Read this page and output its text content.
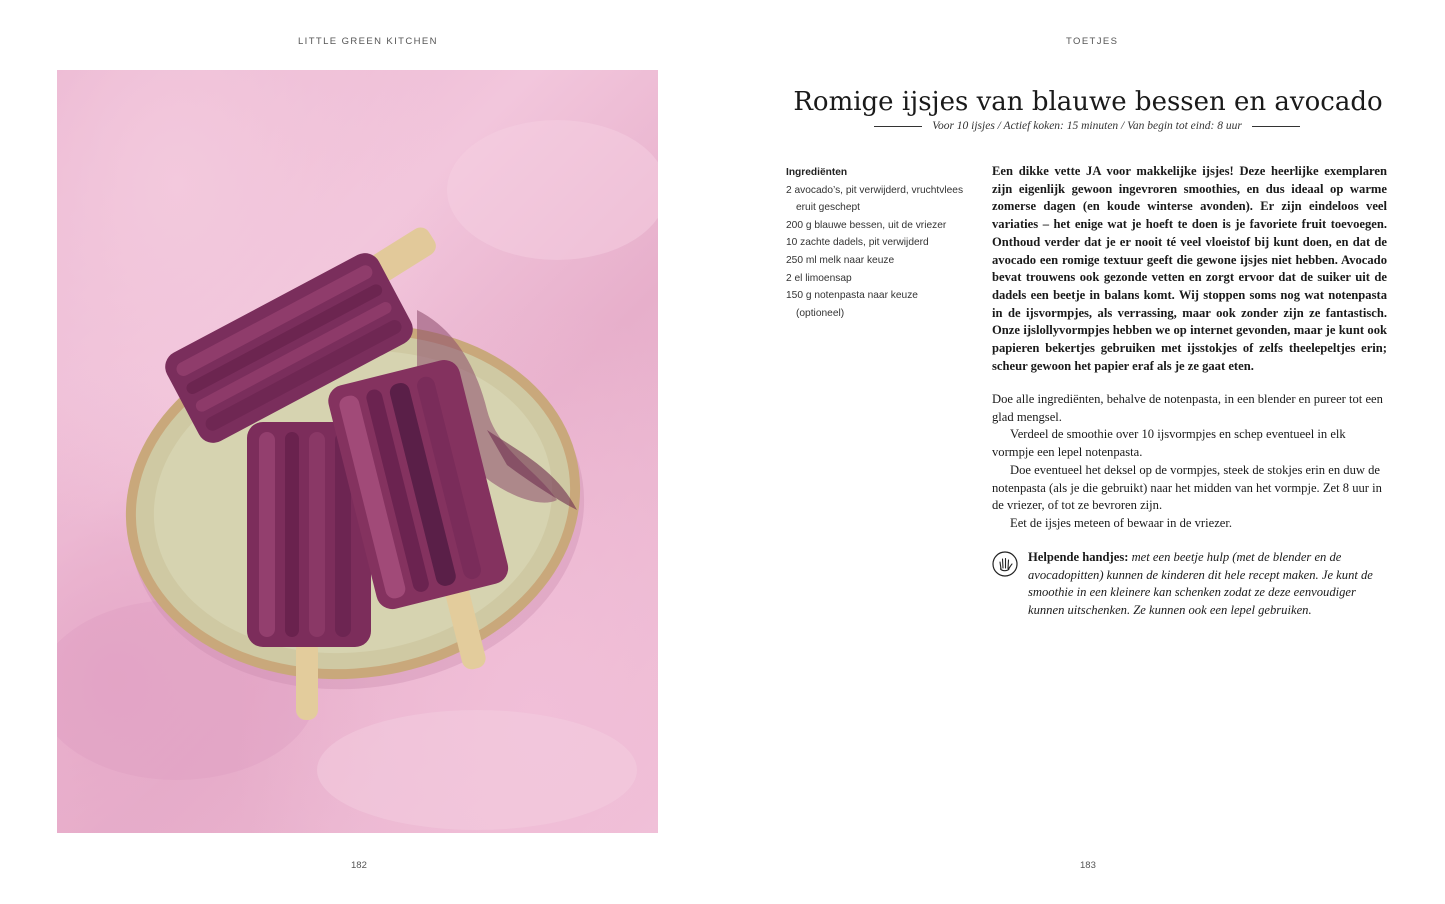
LITTLE GREEN KITCHEN	TOETJES
Romige ijsjes van blauwe bessen en avocado
Voor 10 ijsjes / Actief koken: 15 minuten / Van begin tot eind: 8 uur
Ingrediënten
2 avocado’s, pit verwijderd, vruchtvlees eruit geschept
200 g blauwe bessen, uit de vriezer
10 zachte dadels, pit verwijderd
250 ml melk naar keuze
2 el limoensap
150 g notenpasta naar keuze (optioneel)
Een dikke vette JA voor makkelijke ijsjes! Deze heerlijke exemplaren zijn eigenlijk gewoon ingevroren smoothies, en dus ideaal op warme zomerse dagen (en koude winterse avonden). Er zijn eindeloos veel variaties – het enige wat je hoeft te doen is je favoriete fruit toevoegen. Onthoud verder dat je er nooit té veel vloeistof bij kunt doen, en dat de avocado een romige textuur geeft die gewone ijsjes niet hebben. Avocado bevat trouwens ook gezonde vetten en zorgt ervoor dat de suiker uit de dadels een beetje in balans komt. Wij stoppen soms nog wat notenpasta in de ijsvormpjes, als verrassing, maar ook zonder zijn ze fantastisch. Onze ijslollyvormpjes hebben we op internet gevonden, maar je kunt ook papieren bekertjes gebruiken met ijsstokjes of zelfs theelepeltjes erin; scheur gewoon het papier eraf als je ze gaat eten.

Doe alle ingrediënten, behalve de notenpasta, in een blender en pureer tot een glad mengsel.

Verdeel de smoothie over 10 ijsvormpjes en schep eventueel in elk vormpje een lepel notenpasta.

Doe eventueel het deksel op de vormpjes, steek de stokjes erin en duw de notenpasta (als je die gebruikt) naar het midden van het vormpje. Zet 8 uur in de vriezer, of tot ze bevroren zijn.

Eet de ijsjes meteen of bewaar in de vriezer.

Helpende handjes: met een beetje hulp (met de blender en de avocadopitten) kunnen de kinderen dit hele recept maken. Je kunt de smoothie in een kleinere kan schenken zodat ze deze eenvoudiger kunnen uitschenken. Ze kunnen ook een lepel gebruiken.
182	183
